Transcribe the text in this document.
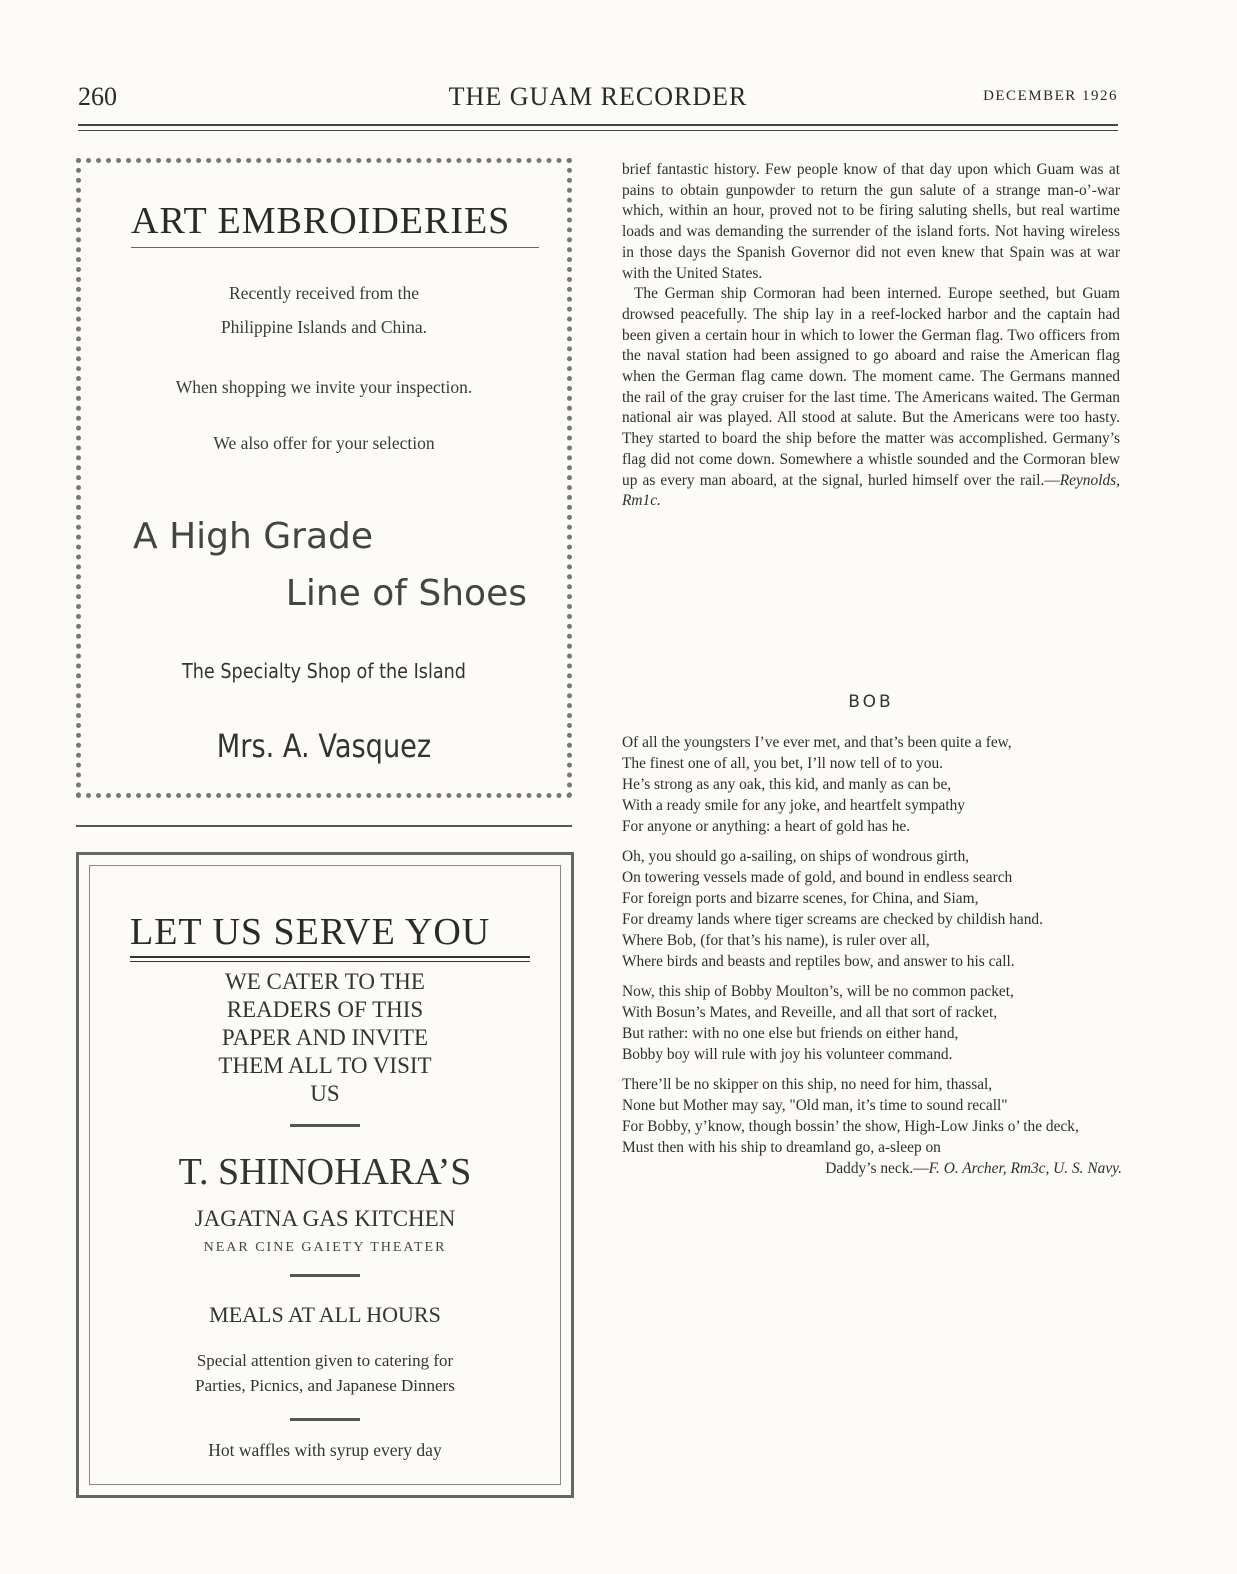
260	THE GUAM RECORDER	DECEMBER 1926
ART EMBROIDERIES
Recently received from the
Philippine Islands and China.
When shopping we invite your inspection.
We also offer for your selection
A High Grade
Line of Shoes
The Specialty Shop of the Island
Mrs. A. Vasquez
LET US SERVE YOU
WE CATER TO THE
READERS OF THIS
PAPER AND INVITE
THEM ALL TO VISIT
US
T. SHINOHARA’S
JAGATNA GAS KITCHEN
NEAR CINE GAIETY THEATER
MEALS AT ALL HOURS
Special attention given to catering for
Parties, Picnics, and Japanese Dinners
Hot waffles with syrup every day

brief fantastic history. Few people know of that day upon which Guam was at pains to obtain gunpowder to return the gun salute of a strange man-o’-war which, within an hour, proved not to be firing saluting shells, but real wartime loads and was demanding the surrender of the island forts. Not having wireless in those days the Spanish Governor did not even knew that Spain was at war with the United States.

The German ship Cormoran had been interned. Europe seethed, but Guam drowsed peacefully. The ship lay in a reef-locked harbor and the captain had been given a certain hour in which to lower the German flag. Two officers from the naval station had been assigned to go aboard and raise the American flag when the German flag came down. The moment came. The Germans manned the rail of the gray cruiser for the last time. The Americans waited. The German national air was played. All stood at salute. But the Americans were too hasty. They started to board the ship before the matter was accomplished. Germany’s flag did not come down. Somewhere a whistle sounded and the Cormoran blew up as every man aboard, at the signal, hurled himself over the rail.—Reynolds, Rm1c.

BOB

Of all the youngsters I’ve ever met, and that’s been quite a few,

The finest one of all, you bet, I’ll now tell of to you.

He’s strong as any oak, this kid, and manly as can be,

With a ready smile for any joke, and heartfelt sympathy

For anyone or anything: a heart of gold has he.

Oh, you should go a-sailing, on ships of wondrous girth,

On towering vessels made of gold, and bound in endless search

For foreign ports and bizarre scenes, for China, and Siam,

For dreamy lands where tiger screams are checked by childish hand.

Where Bob, (for that’s his name), is ruler over all,

Where birds and beasts and reptiles bow, and answer to his call.

Now, this ship of Bobby Moulton’s, will be no common packet,

With Bosun’s Mates, and Reveille, and all that sort of racket,

But rather: with no one else but friends on either hand,

Bobby boy will rule with joy his volunteer command.

There’ll be no skipper on this ship, no need for him, thassal,

None but Mother may say, "Old man, it’s time to sound recall"

For Bobby, y’know, though bossin’ the show, High-Low Jinks o’ the deck,

Must then with his ship to dreamland go, a-sleep on

Daddy’s neck.—F. O. Archer, Rm3c, U. S. Navy.
